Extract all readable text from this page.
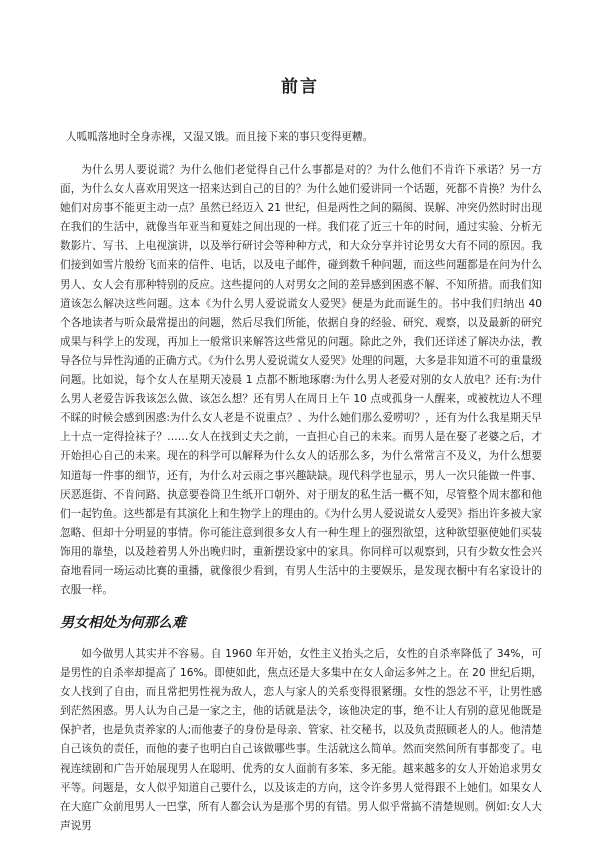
前言

人呱呱落地时全身赤裸，又湿又饿。而且接下来的事只变得更糟。

为什么男人要说谎？为什么他们老觉得自己什么事都是对的？为什么他们不肯许下承诺？另一方面，为什么女人喜欢用哭这一招来达到自己的目的？为什么她们爱讲同一个话题，死都不肯换？为什么她们对房事不能更主动一点？虽然已经迈入 21 世纪，但是两性之间的隔阂、误解、冲突仍然时时出现在我们的生活中，就像当年亚当和夏娃之间出现的一样。我们花了近三十年的时间，通过实验、分析无数影片、写书、上电视演讲，以及举行研讨会等种种方式，和大众分享并讨论男女大有不同的原因。我们接到如雪片般纷飞而来的信件、电话，以及电子邮件，碰到数千种问题，而这些问题都是在问为什么男人、女人会有那种特别的反应。这些提问的人对男女之间的差异感到困惑不解、不知所措。而我们知道该怎么解决这些问题。这本《为什么男人爱说谎女人爱哭》便是为此而诞生的。书中我们归纳出 40 个各地读者与听众最常提出的问题，然后尽我们所能，依据自身的经验、研究、观察，以及最新的研究成果与科学上的发现，再加上一般常识来解答这些常见的问题。除此之外，我们还详述了解决办法，教导各位与异性沟通的正确方式。《为什么男人爱说谎女人爱哭》处理的问题，大多是非知道不可的重量级问题。比如说，每个女人在星期天凌晨 1 点都不断地琢磨:为什么男人老爱对别的女人放电？还有:为什么男人老爱告诉我该怎么做、该怎么想？还有男人在周日上午 10 点或孤身一人醒来，或被枕边人不理不睬的时候会感到困惑:为什么女人老是不说重点？、为什么她们那么爱唠叨？，还有为什么我星期天早上十点一定得捡袜子？……女人在找到丈夫之前，一直担心自己的未来。而男人是在娶了老婆之后，才开始担心自己的未来。现在的科学可以解释为什么女人的话那么多，为什么常常言不及义，为什么想要知道每一件事的细节，还有，为什么对云雨之事兴趣缺缺。现代科学也显示，男人一次只能做一件事、厌恶逛街、不肯问路、执意要卷筒卫生纸开口朝外、对于朋友的私生活一概不知，尽管整个周末都和他们一起钓鱼。这些都是有其演化上和生物学上的理由的。《为什么男人爱说谎女人爱哭》指出许多被大家忽略、但却十分明显的事情。你可能注意到很多女人有一种生理上的强烈欲望，这种欲望驱使她们买装饰用的靠垫，以及趁着男人外出晚归时，重新摆设家中的家具。你同样可以观察到，只有少数女性会兴奋地看同一场运动比赛的重播，就像很少看到，有男人生活中的主要娱乐，是发现衣橱中有名家设计的衣服一样。

男女相处为何那么难

如今做男人其实并不容易。自 1960 年开始，女性主义抬头之后，女性的自杀率降低了 34%，可是男性的自杀率却提高了 16%。即使如此，焦点还是大多集中在女人命运多舛之上。在 20 世纪后期，女人找到了自由，而且常把男性视为敌人，恋人与家人的关系变得很紧绷。女性的怨忿不平，让男性感到茫然困惑。男人认为自己是一家之主，他的话就是法令，该他决定的事，绝不让人有别的意见他既是保护者，也是负责养家的人;而他妻子的身份是母亲、管家、社交秘书，以及负责照顾老人的人。他清楚自己该负的责任，而他的妻子也明白自己该做哪些事。生活就这么简单。然而突然间所有事都变了。电视连续剧和广告开始展现男人在聪明、优秀的女人面前有多笨、多无能。越来越多的女人开始追求男女平等。问题是，女人似乎知道自己要什么，以及该走的方向，这令许多男人觉得跟不上她们。如果女人在大庭广众前甩男人一巴掌，所有人都会认为是那个男的有错。男人似乎常搞不清楚规则。例如:女人大声说男
